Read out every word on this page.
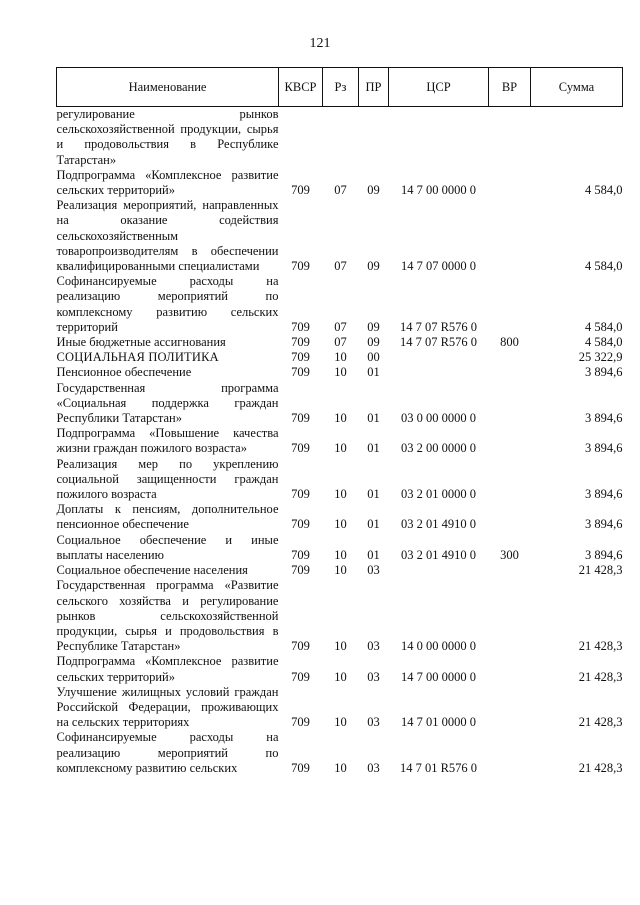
121
Наименование	КВСР	Рз	ПР	ЦСР	ВР	Сумма
регулирование рынков сельскохозяйственной продукции, сырья и продовольствия в Республике Татарстан»						
Подпрограмма «Комплексное развитие сельских территорий»	709	07	09	14 7 00 0000 0		4 584,0
Реализация мероприятий, направленных на оказание содействия сельскохозяйственным товаропроизводителям в обеспечении квалифицированными специалистами	709	07	09	14 7 07 0000 0		4 584,0
Софинансируемые расходы на реализацию мероприятий по комплексному развитию сельских территорий	709	07	09	14 7 07 R576 0		4 584,0
Иные бюджетные ассигнования	709	07	09	14 7 07 R576 0	800	4 584,0
СОЦИАЛЬНАЯ ПОЛИТИКА	709	10	00			25 322,9
Пенсионное обеспечение	709	10	01			3 894,6
Государственная программа «Социальная поддержка граждан Республики Татарстан»	709	10	01	03 0 00 0000 0		3 894,6
Подпрограмма «Повышение качества жизни граждан пожилого возраста»	709	10	01	03 2 00 0000 0		3 894,6
Реализация мер по укреплению социальной защищенности граждан пожилого возраста	709	10	01	03 2 01 0000 0		3 894,6
Доплаты к пенсиям, дополнительное пенсионное обеспечение	709	10	01	03 2 01 4910 0		3 894,6
Социальное обеспечение и иные выплаты населению	709	10	01	03 2 01 4910 0	300	3 894,6
Социальное обеспечение населения	709	10	03			21 428,3
Государственная программа «Развитие сельского хозяйства и регулирование рынков сельскохозяйственной продукции, сырья и продовольствия в Республике Татарстан»	709	10	03	14 0 00 0000 0		21 428,3
Подпрограмма «Комплексное развитие сельских территорий»	709	10	03	14 7 00 0000 0		21 428,3
Улучшение жилищных условий граждан Российской Федерации, проживающих на сельских территориях	709	10	03	14 7 01 0000 0		21 428,3
Софинансируемые расходы на реализацию мероприятий по комплексному развитию сельских	709	10	03	14 7 01 R576 0		21 428,3
